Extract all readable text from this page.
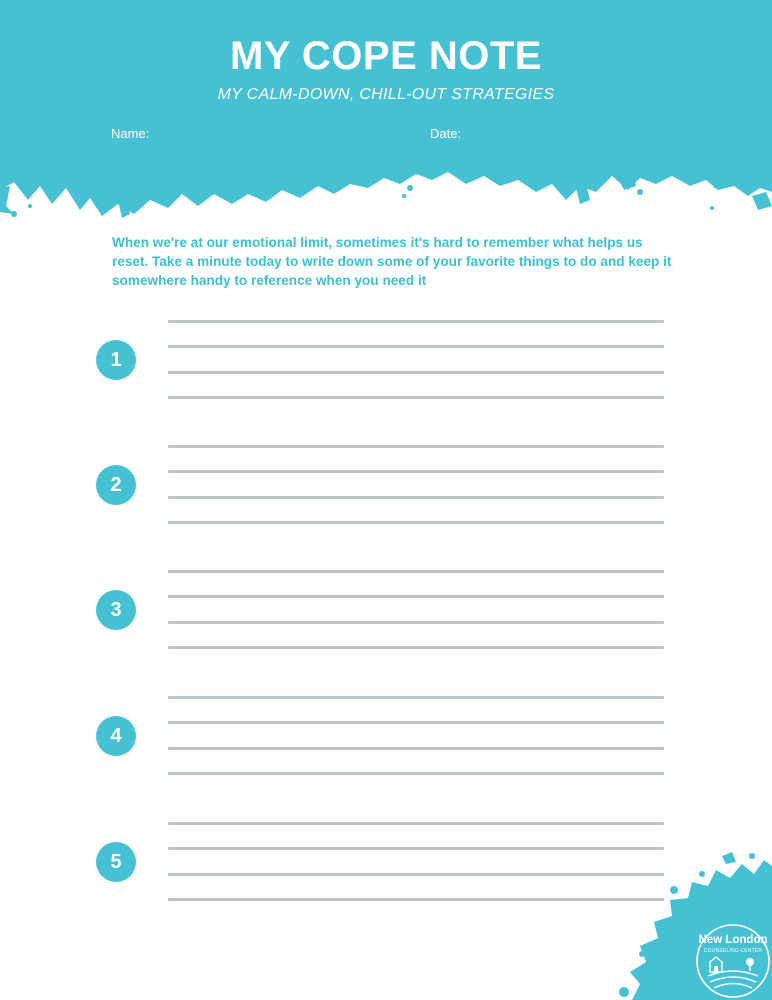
MY COPE NOTE
MY CALM-DOWN, CHILL-OUT STRATEGIES
Name:	Date:
When we're at our emotional limit, sometimes it's hard to remember what helps us reset. Take a minute today to write down some of your favorite things to do and keep it somewhere handy to reference when you need it
1
2
3
4
5
New London
COUNSELING CENTER
